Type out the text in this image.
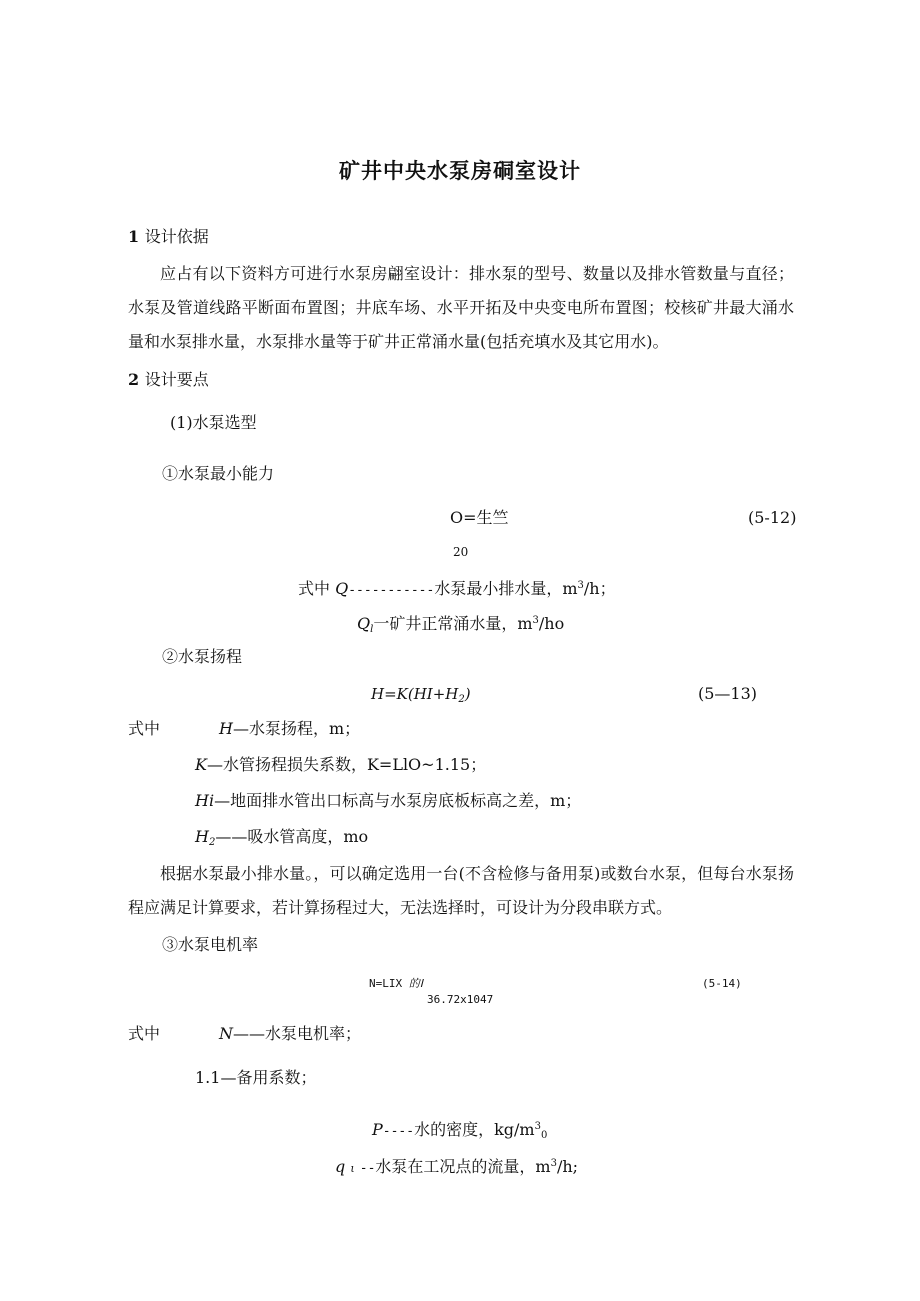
矿井中央水泵房硐室设计
1 设计依据
应占有以下资料方可进行水泵房翩室设计：排水泵的型号、数量以及排水管数量与直径；水泵及管道线路平断面布置图；井底车场、水平开拓及中央变电所布置图；校核矿井最大涌水量和水泵排水量，水泵排水量等于矿井正常涌水量(包括充填水及其它用水)。
2 设计要点
(1)水泵选型
①水泵最小能力
O=生竺	(5-12)
20
式中 Q-----------水泵最小排水量，$m^3/h$；
$Q_l$一矿井正常涌水量，$m^3/ho$
②水泵扬程
$H=K(HI+H_2)$	(5—13)
式中	H—水泵扬程，m；
K—水管扬程损失系数，K=LlO~1.15；
Hi—地面排水管出口标高与水泵房底板标高之差，m；
$H_2——$吸水管高度，mo
根据水泵最小排水量。，可以确定选用一台(不含检修与备用泵)或数台水泵，但每台水泵扬程应满足计算要求，若计算扬程过大，无法选择时，可设计为分段串联方式。
③水泵电机率
N=LIX 的Ⅰ
36.72x1047
(5-14)
式中	N——水泵电机率；
1.1—备用系数；
P----水的密度，$kg/m^3_0$
q ι --水泵在工况点的流量，$m^3/h$;
